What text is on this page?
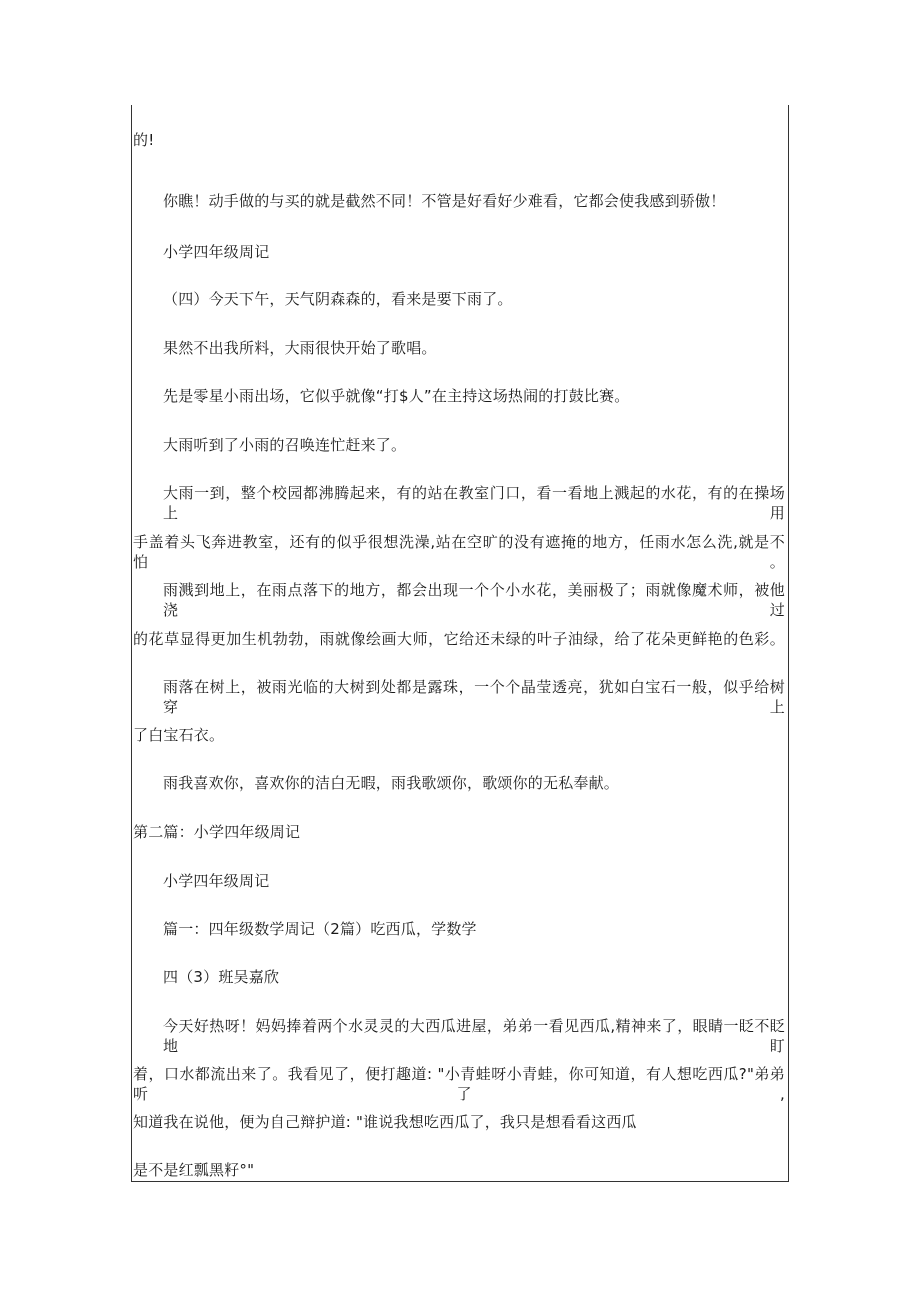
的!
你瞧！动手做的与买的就是截然不同！不管是好看好少难看，它都会使我感到骄傲！
小学四年级周记
（四）今天下午，天气阴森森的，看来是要下雨了。
果然不出我所料，大雨很快开始了歌唱。
先是零星小雨出场，它似乎就像“打$人”在主持这场热闹的打鼓比赛。
大雨听到了小雨的召唤连忙赶来了。
大雨一到，整个校园都沸腾起来，有的站在教室门口，看一看地上溅起的水花，有的在操场上用
手盖着头飞奔进教室，还有的似乎很想洗澡,站在空旷的没有遮掩的地方，任雨水怎么洗,就是不怕。
雨溅到地上，在雨点落下的地方，都会出现一个个小水花，美丽极了；雨就像魔术师，被他浇过
的花草显得更加生机勃勃，雨就像绘画大师，它给还未绿的叶子油绿，给了花朵更鲜艳的色彩。
雨落在树上，被雨光临的大树到处都是露珠，一个个晶莹透亮，犹如白宝石一般，似乎给树穿上
了白宝石衣。
雨我喜欢你，喜欢你的洁白无暇，雨我歌颂你，歌颂你的无私奉献。
第二篇：小学四年级周记
小学四年级周记
篇一：四年级数学周记（2篇）吃西瓜，学数学
四（3）班吴嘉欣
今天好热呀！妈妈捧着两个水灵灵的大西瓜进屋，弟弟一看见西瓜,精神来了，眼睛一眨不眨地盯
着，口水都流出来了。我看见了，便打趣道: "小青蛙呀小青蛙，你可知道，有人想吃西瓜?"弟弟听了,
知道我在说他，便为自己辩护道: "谁说我想吃西瓜了，我只是想看看这西瓜
是不是红瓢黑籽°"
